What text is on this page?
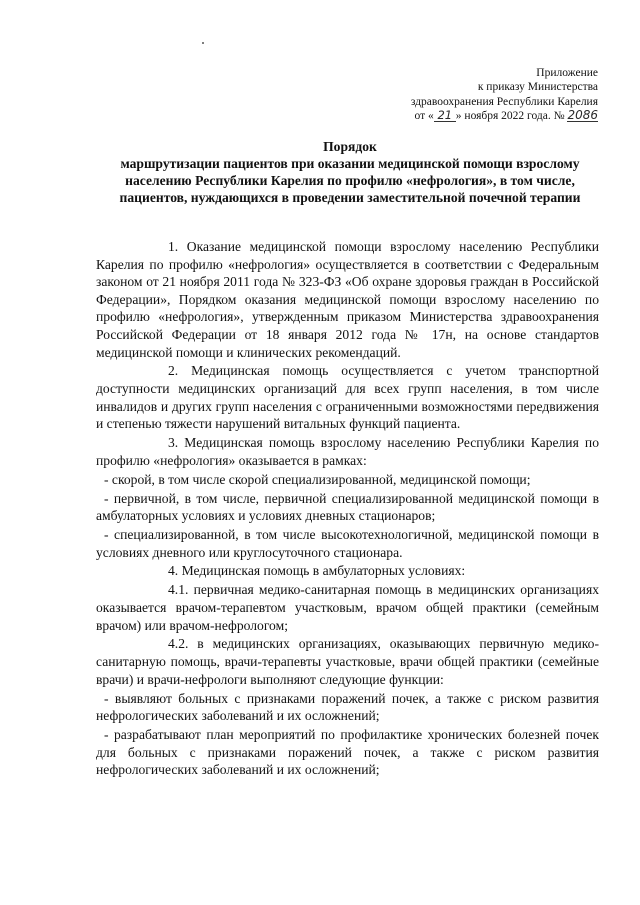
Приложение
к приказу Министерства
здравоохранения Республики Карелия
от « 21 » ноября 2022 года. № 2086
Порядок
маршрутизации пациентов при оказании медицинской помощи взрослому населению Республики Карелия по профилю «нефрология», в том числе, пациентов, нуждающихся в проведении заместительной почечной терапии

1. Оказание медицинской помощи взрослому населению Республики Карелия по профилю «нефрология» осуществляется в соответствии с Федеральным законом от 21 ноября 2011 года № 323-ФЗ «Об охране здоровья граждан в Российской Федерации», Порядком оказания медицинской помощи взрослому населению по профилю «нефрология», утвержденным приказом Министерства здравоохранения Российской Федерации от 18 января 2012 года № 17н, на основе стандартов медицинской помощи и клинических рекомендаций.

2. Медицинская помощь осуществляется с учетом транспортной доступности медицинских организаций для всех групп населения, в том числе инвалидов и других групп населения с ограниченными возможностями передвижения и степенью тяжести нарушений витальных функций пациента.

3. Медицинская помощь взрослому населению Республики Карелия по профилю «нефрология» оказывается в рамках:

- скорой, в том числе скорой специализированной, медицинской помощи;

- первичной, в том числе, первичной специализированной медицинской помощи в амбулаторных условиях и условиях дневных стационаров;

- специализированной, в том числе высокотехнологичной, медицинской помощи в условиях дневного или круглосуточного стационара.

4. Медицинская помощь в амбулаторных условиях:

4.1. первичная медико-санитарная помощь в медицинских организациях оказывается врачом-терапевтом участковым, врачом общей практики (семейным врачом) или врачом-нефрологом;

4.2. в медицинских организациях, оказывающих первичную медико-санитарную помощь, врачи-терапевты участковые, врачи общей практики (семейные врачи) и врачи-нефрологи выполняют следующие функции:

- выявляют больных с признаками поражений почек, а также с риском развития нефрологических заболеваний и их осложнений;

- разрабатывают план мероприятий по профилактике хронических болезней почек для больных с признаками поражений почек, а также с риском развития нефрологических заболеваний и их осложнений;
